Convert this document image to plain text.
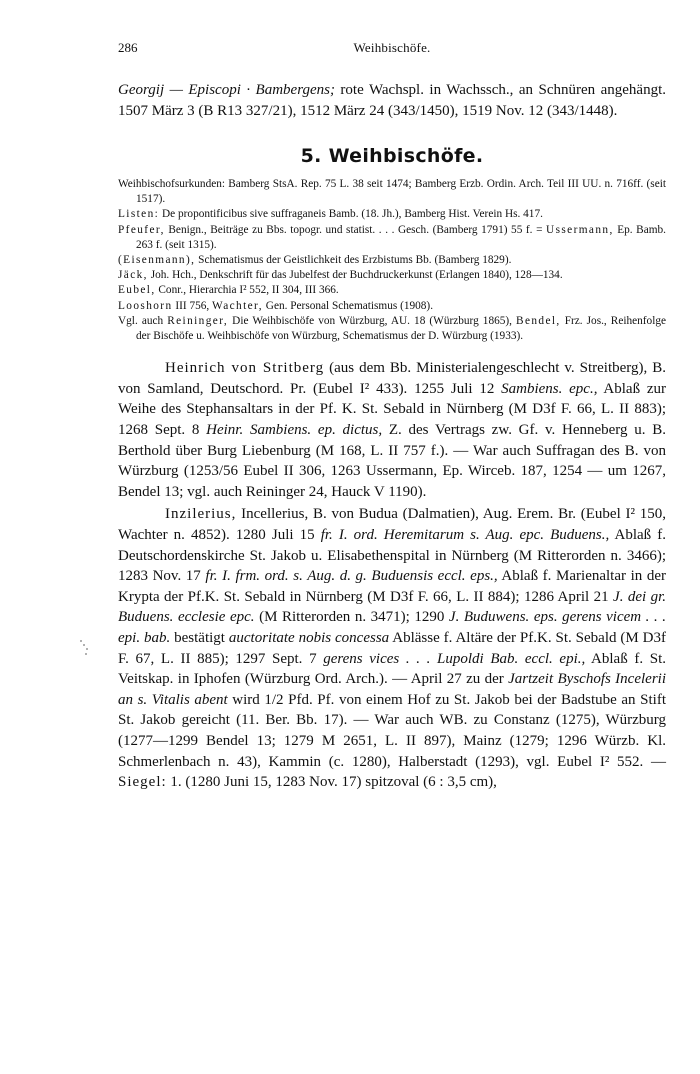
286	Weihbischöfe.

Georgij — Episcopi · Bambergens; rote Wachspl. in Wachssch., an Schnüren angehängt. 1507 März 3 (B R13 327/21), 1512 März 24 (343/1450), 1519 Nov. 12 (343/1448).

5. Weihbischöfe.
Weihbischofsurkunden: Bamberg StsA. Rep. 75 L. 38 seit 1474; Bamberg Erzb. Ordin. Arch. Teil III UU. n. 716ff. (seit 1517).
Listen: De propontificibus sive suffraganeis Bamb. (18. Jh.), Bamberg Hist. Verein Hs. 417.
Pfeufer, Benign., Beiträge zu Bbs. topogr. und statist. . . . Gesch. (Bamberg 1791) 55 f. = Ussermann, Ep. Bamb. 263 f. (seit 1315).
(Eisenmann), Schematismus der Geistlichkeit des Erzbistums Bb. (Bamberg 1829).
Jäck, Joh. Hch., Denkschrift für das Jubelfest der Buchdruckerkunst (Erlangen 1840), 128—134.
Eubel, Conr., Hierarchia I² 552, II 304, III 366.
Looshorn III 756, Wachter, Gen. Personal Schematismus (1908).
Vgl. auch Reininger, Die Weihbischöfe von Würzburg, AU. 18 (Würzburg 1865), Bendel, Frz. Jos., Reihenfolge der Bischöfe u. Weihbischöfe von Würzburg, Schematismus der D. Würzburg (1933).

Heinrich von Stritberg (aus dem Bb. Ministerialengeschlecht v. Streitberg), B. von Samland, Deutschord. Pr. (Eubel I² 433). 1255 Juli 12 Sambiens. epc., Ablaß zur Weihe des Stephansaltars in der Pf. K. St. Sebald in Nürnberg (M D3f F. 66, L. II 883); 1268 Sept. 8 Heinr. Sambiens. ep. dictus, Z. des Vertrags zw. Gf. v. Henneberg u. B. Berthold über Burg Liebenburg (M 168, L. II 757 f.). — War auch Suffragan des B. von Würzburg (1253/56 Eubel II 306, 1263 Ussermann, Ep. Wirceb. 187, 1254 — um 1267, Bendel 13; vgl. auch Reininger 24, Hauck V 1190).

Inzilerius, Incellerius, B. von Budua (Dalmatien), Aug. Erem. Br. (Eubel I² 150, Wachter n. 4852). 1280 Juli 15 fr. I. ord. Heremitarum s. Aug. epc. Buduens., Ablaß f. Deutschordenskirche St. Jakob u. Elisabethenspital in Nürnberg (M Ritterorden n. 3466); 1283 Nov. 17 fr. I. frm. ord. s. Aug. d. g. Buduensis eccl. eps., Ablaß f. Marienaltar in der Krypta der Pf.K. St. Sebald in Nürnberg (M D3f F. 66, L. II 884); 1286 April 21 J. dei gr. Buduens. ecclesie epc. (M Ritterorden n. 3471); 1290 J. Buduwens. eps. gerens vicem . . . epi. bab. bestätigt auctoritate nobis concessa Ablässe f. Altäre der Pf.K. St. Sebald (M D3f F. 67, L. II 885); 1297 Sept. 7 gerens vices . . . Lupoldi Bab. eccl. epi., Ablaß f. St. Veitskap. in Iphofen (Würzburg Ord. Arch.). — April 27 zu der Jartzeit Byschofs Incelerii an s. Vitalis abent wird 1/2 Pfd. Pf. von einem Hof zu St. Jakob bei der Badstube an Stift St. Jakob gereicht (11. Ber. Bb. 17). — War auch WB. zu Constanz (1275), Würzburg (1277—1299 Bendel 13; 1279 M 2651, L. II 897), Mainz (1279; 1296 Würzb. Kl. Schmerlenbach n. 43), Kammin (c. 1280), Halberstadt (1293), vgl. Eubel I² 552. — Siegel: 1. (1280 Juni 15, 1283 Nov. 17) spitzoval (6 : 3,5 cm),
